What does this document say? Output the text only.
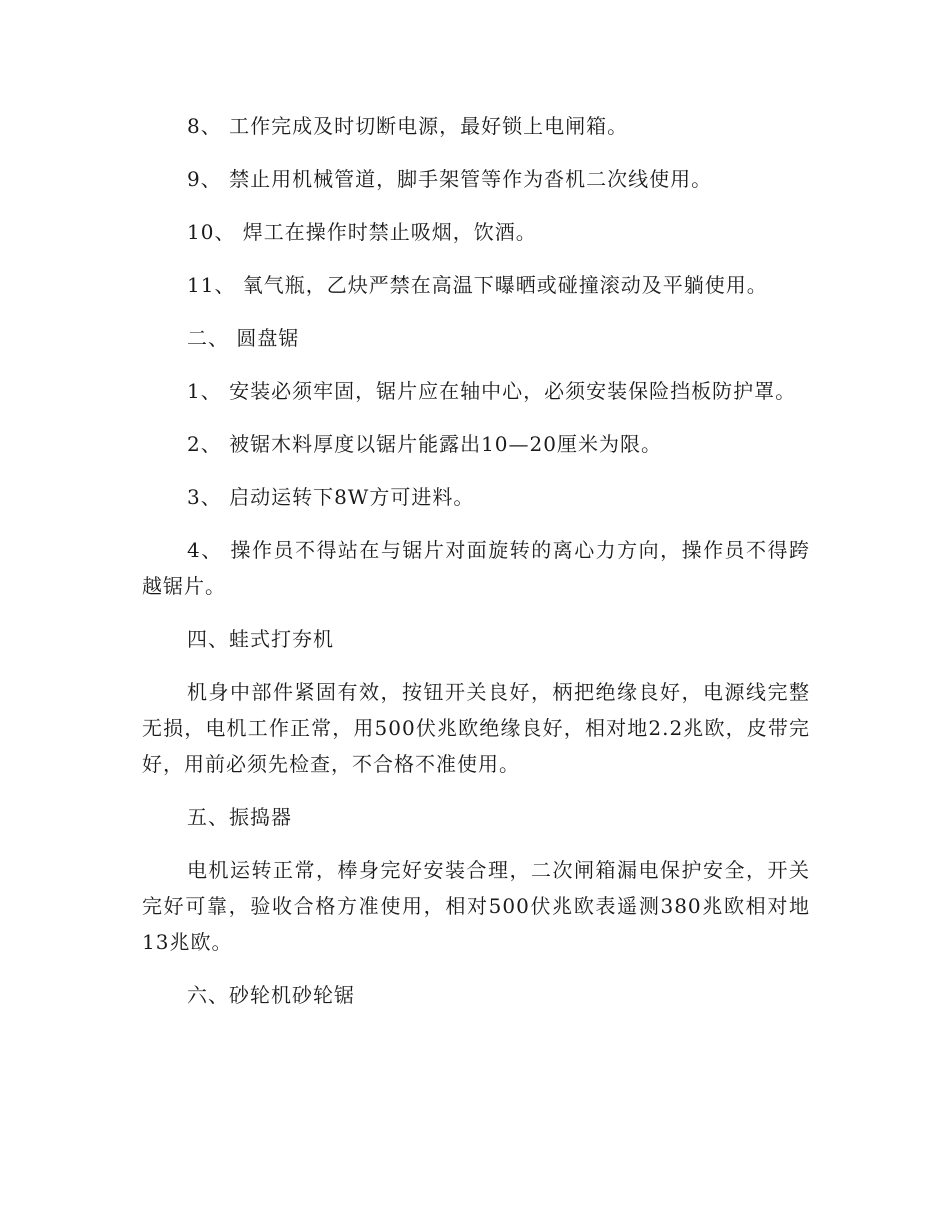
8、 工作完成及时切断电源，最好锁上电闸箱。

9、 禁止用机械管道，脚手架管等作为沓机二次线使用。

10、 焊工在操作时禁止吸烟，饮酒。

11、 氧气瓶，乙炔严禁在高温下曝晒或碰撞滚动及平躺使用。

二、 圆盘锯

1、 安装必须牢固，锯片应在轴中心，必须安装保险挡板防护罩。

2、 被锯木料厚度以锯片能露出10—20厘米为限。

3、 启动运转下8W方可进料。

4、 操作员不得站在与锯片对面旋转的离心力方向，操作员不得跨越锯片。

四、蛙式打夯机

机身中部件紧固有效，按钮开关良好，柄把绝缘良好，电源线完整无损，电机工作正常，用500伏兆欧绝缘良好，相对地2.2兆欧，皮带完好，用前必须先检查，不合格不准使用。

五、振捣器

电机运转正常，棒身完好安装合理，二次闸箱漏电保护安全，开关完好可靠，验收合格方准使用，相对500伏兆欧表遥测380兆欧相对地13兆欧。

六、砂轮机砂轮锯
